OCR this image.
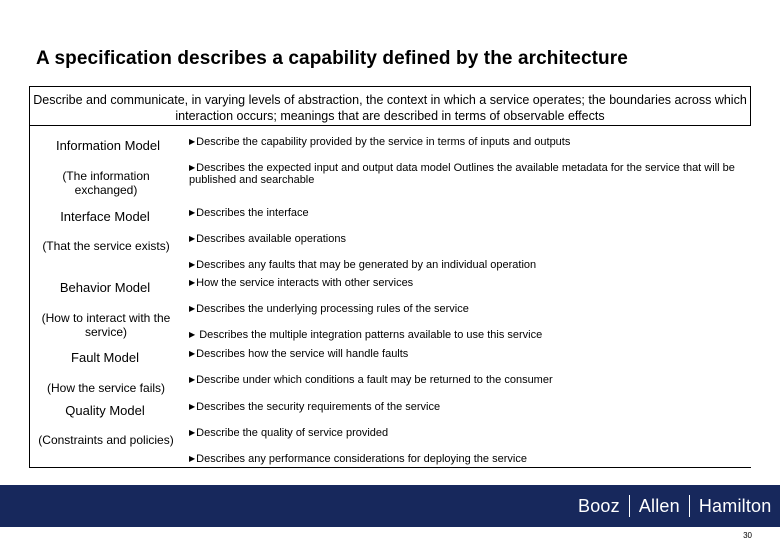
A specification describes a capability defined by the architecture
Describe and communicate, in varying levels of abstraction, the context in which a service operates; the boundaries across which interaction occurs; meanings that are described in terms of observable effects
Information Model
(The information exchanged)
Interface Model
(That the service exists)
Behavior Model
(How to interact with the service)
Fault Model
(How the service fails)
Quality Model
(Constraints and policies)
▶Describe the capability provided by the service in terms of inputs and outputs
▶Describes the expected input and output data model Outlines the available metadata for the service that will be published and searchable
▶Describes the interface
▶Describes available operations
▶Describes any faults that may be generated by an individual operation
▶How the service interacts with other services
▶Describes the underlying processing rules of the service
▶ Describes the multiple integration patterns available to use this service
▶Describes how the service will handle faults
▶Describe under which conditions a fault may be returned to the consumer
▶Describes the security requirements of the service
▶Describe the quality of service provided
▶Describes any performance considerations for deploying the service
Booz Allen Hamilton
30
